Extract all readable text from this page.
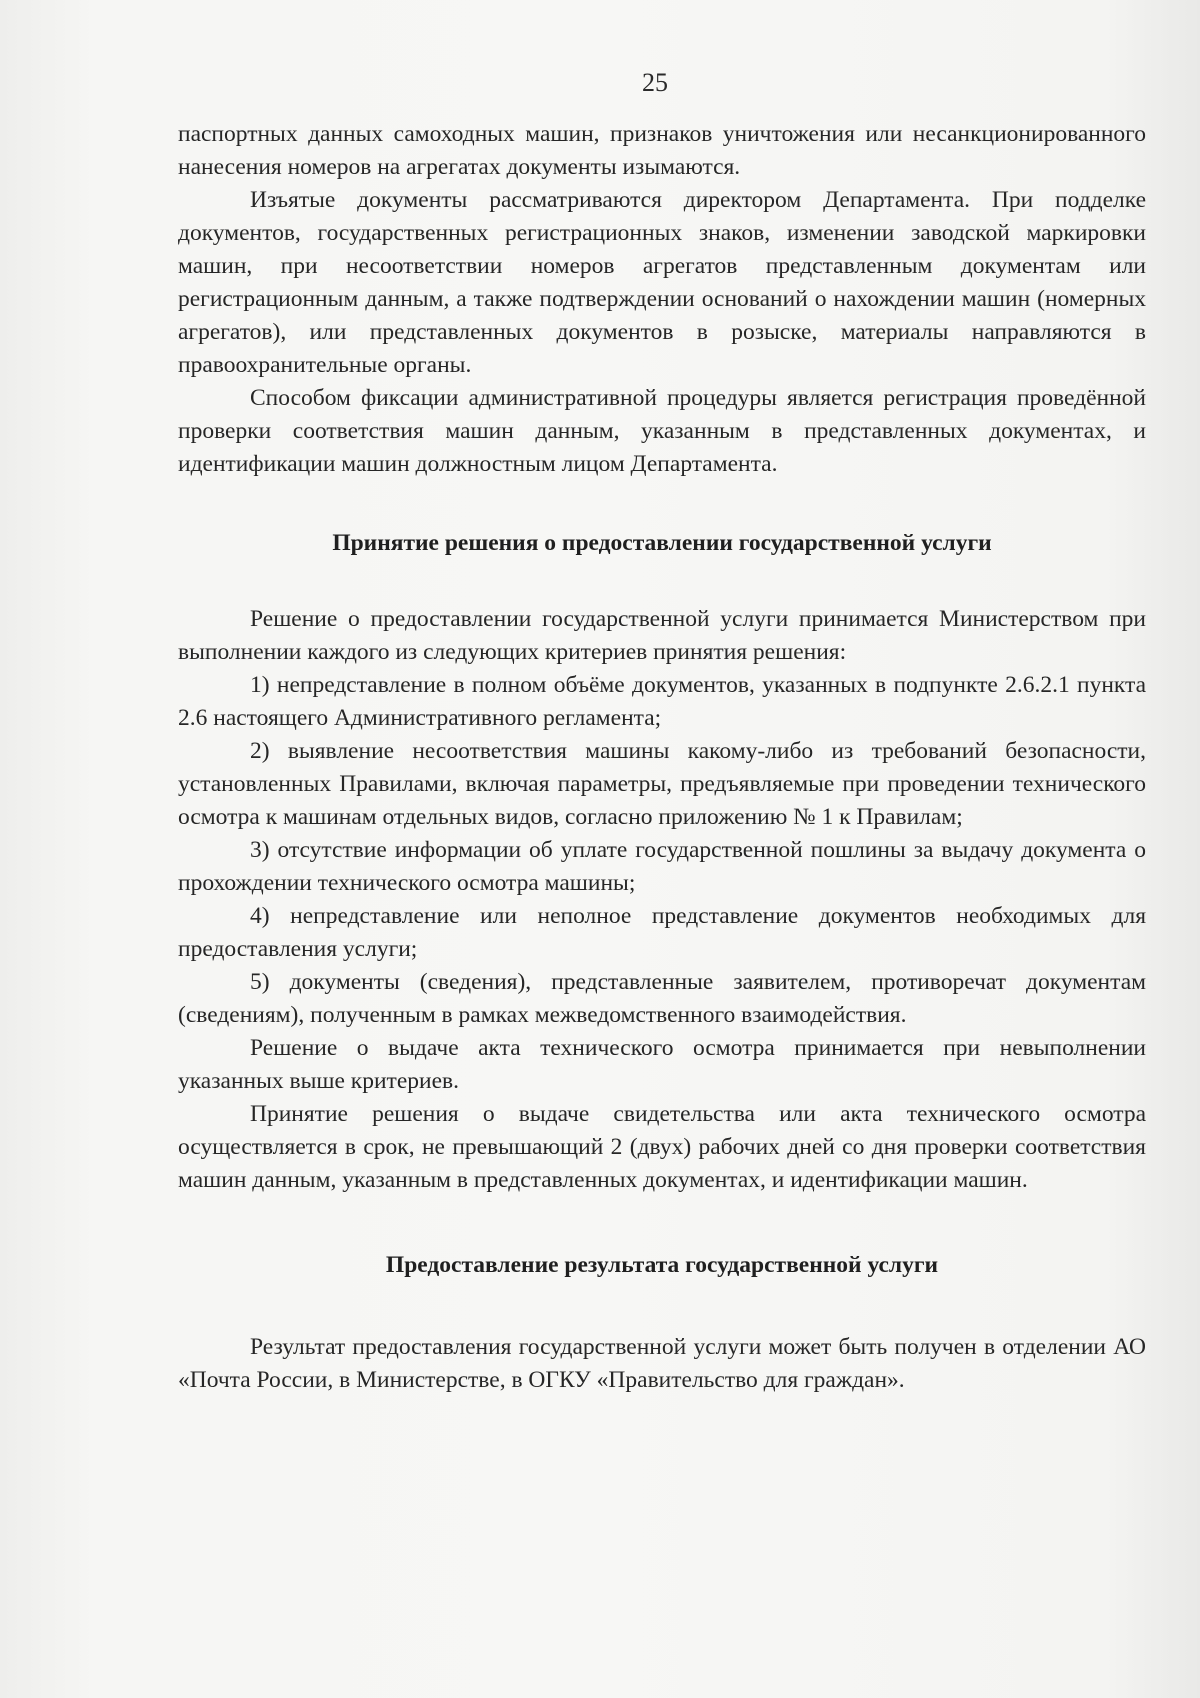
25

паспортных данных самоходных машин, признаков уничтожения или несанкционированного нанесения номеров на агрегатах документы изымаются.

Изъятые документы рассматриваются директором Департамента. При подделке документов, государственных регистрационных знаков, изменении заводской маркировки машин, при несоответствии номеров агрегатов представленным документам или регистрационным данным, а также подтверждении оснований о нахождении машин (номерных агрегатов), или представленных документов в розыске, материалы направляются в правоохранительные органы.

Способом фиксации административной процедуры является регистрация проведённой проверки соответствия машин данным, указанным в представленных документах, и идентификации машин должностным лицом Департамента.

Принятие решения о предоставлении государственной услуги

Решение о предоставлении государственной услуги принимается Министерством при выполнении каждого из следующих критериев принятия решения:

1) непредставление в полном объёме документов, указанных в подпункте 2.6.2.1 пункта 2.6 настоящего Административного регламента;

2) выявление несоответствия машины какому-либо из требований безопасности, установленных Правилами, включая параметры, предъявляемые при проведении технического осмотра к машинам отдельных видов, согласно приложению № 1 к Правилам;

3) отсутствие информации об уплате государственной пошлины за выдачу документа о прохождении технического осмотра машины;

4) непредставление или неполное представление документов необходимых для предоставления услуги;

5) документы (сведения), представленные заявителем, противоречат документам (сведениям), полученным в рамках межведомственного взаимодействия.

Решение о выдаче акта технического осмотра принимается при невыполнении указанных выше критериев.

Принятие решения о выдаче свидетельства или акта технического осмотра осуществляется в срок, не превышающий 2 (двух) рабочих дней со дня проверки соответствия машин данным, указанным в представленных документах, и идентификации машин.

Предоставление результата государственной услуги

Результат предоставления государственной услуги может быть получен в отделении АО «Почта России, в Министерстве, в ОГКУ «Правительство для граждан».
